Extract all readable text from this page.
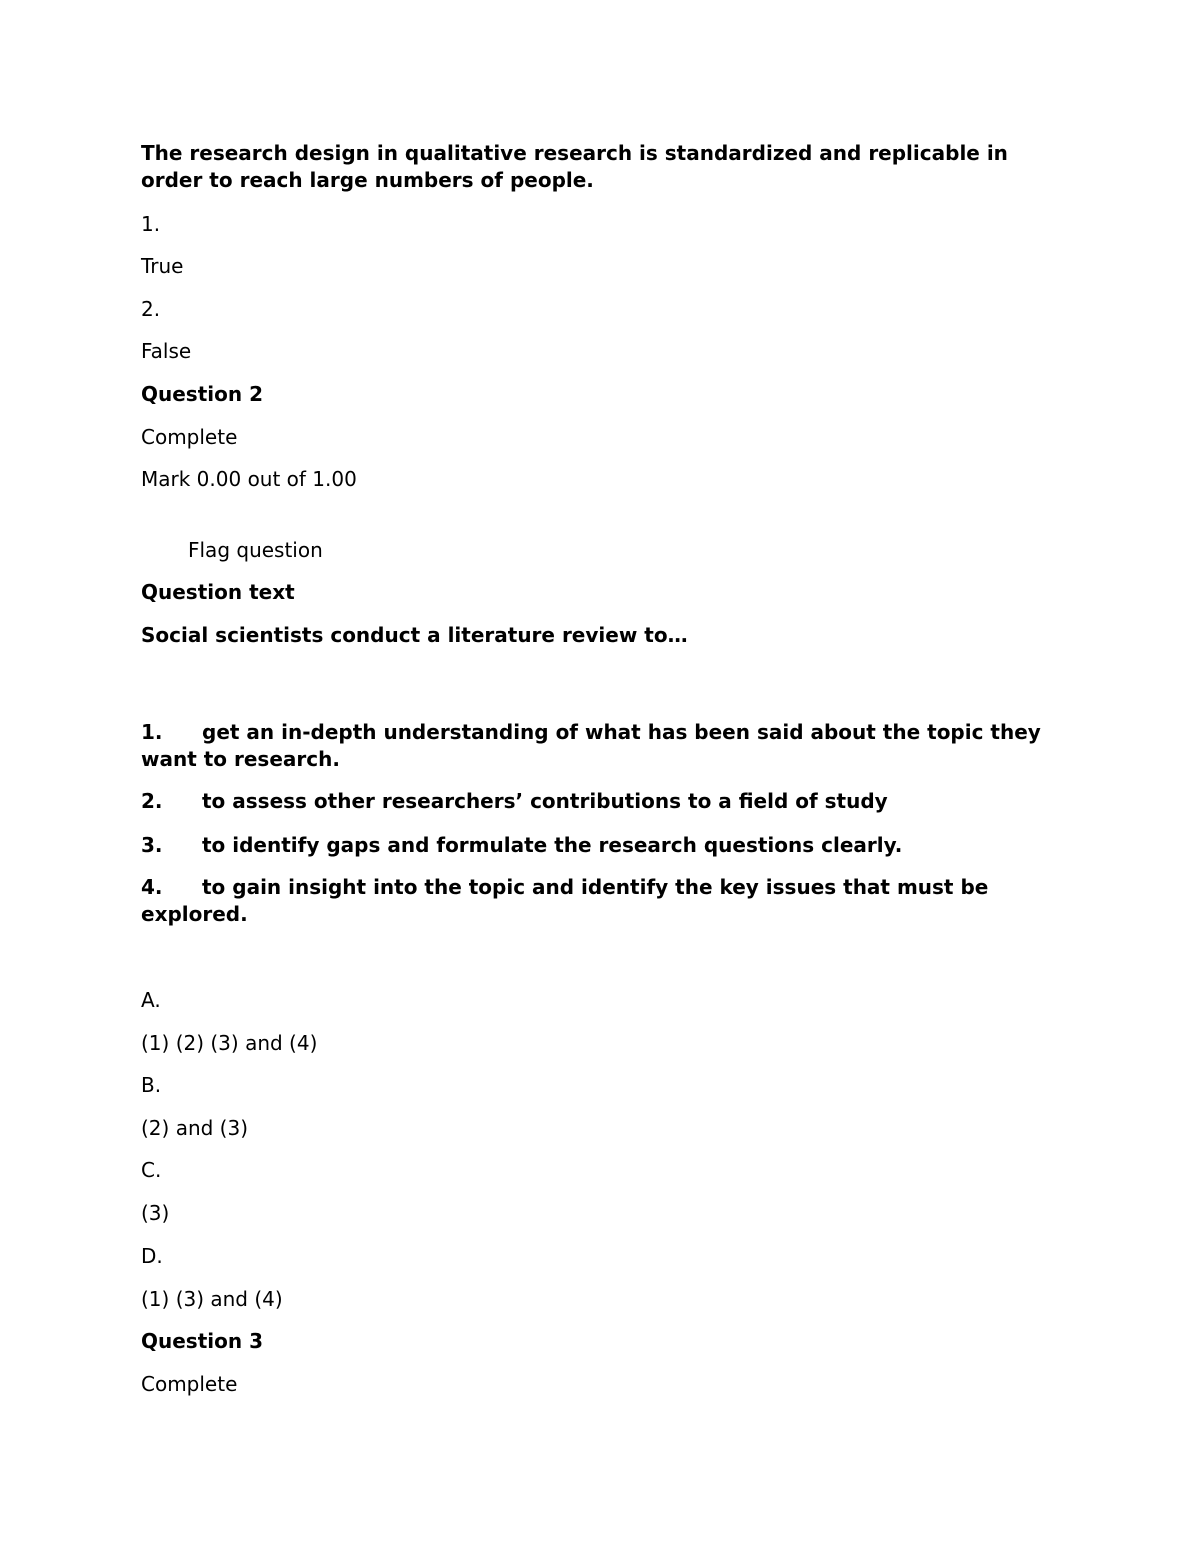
The research design in qualitative research is standardized and replicable in order to reach large numbers of people.

1.

True

2.

False

Question 2

Complete

Mark 0.00 out of 1.00

Flag question

Question text

Social scientists conduct a literature review to…

1. get an in-depth understanding of what has been said about the topic they want to research.

2. to assess other researchers’ contributions to a field of study

3. to identify gaps and formulate the research questions clearly.

4. to gain insight into the topic and identify the key issues that must be explored.

A.

(1) (2) (3) and (4)

B.

(2) and (3)

C.

(3)

D.

(1) (3) and (4)

Question 3

Complete
